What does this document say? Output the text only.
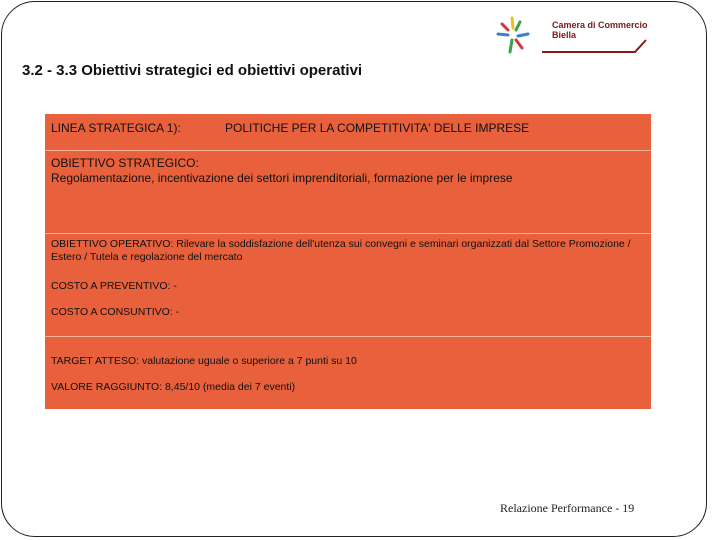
Camera di Commercio
Biella
3.2 - 3.3 Obiettivi strategici ed obiettivi operativi
LINEA STRATEGICA 1):	POLITICHE PER LA COMPETITIVITA' DELLE IMPRESE
OBIETTIVO STRATEGICO:
Regolamentazione, incentivazione dei settori imprenditoriali, formazione per le imprese
OBIETTIVO OPERATIVO: Rilevare la soddisfazione dell'utenza sui convegni e seminari organizzati dal Settore Promozione / Estero / Tutela e regolazione del mercato
COSTO A PREVENTIVO: -
COSTO A CONSUNTIVO: -
TARGET ATTESO: valutazione uguale o superiore a 7 punti su 10
VALORE RAGGIUNTO: 8,45/10 (media dei 7 eventi)
Relazione Performance - 19
